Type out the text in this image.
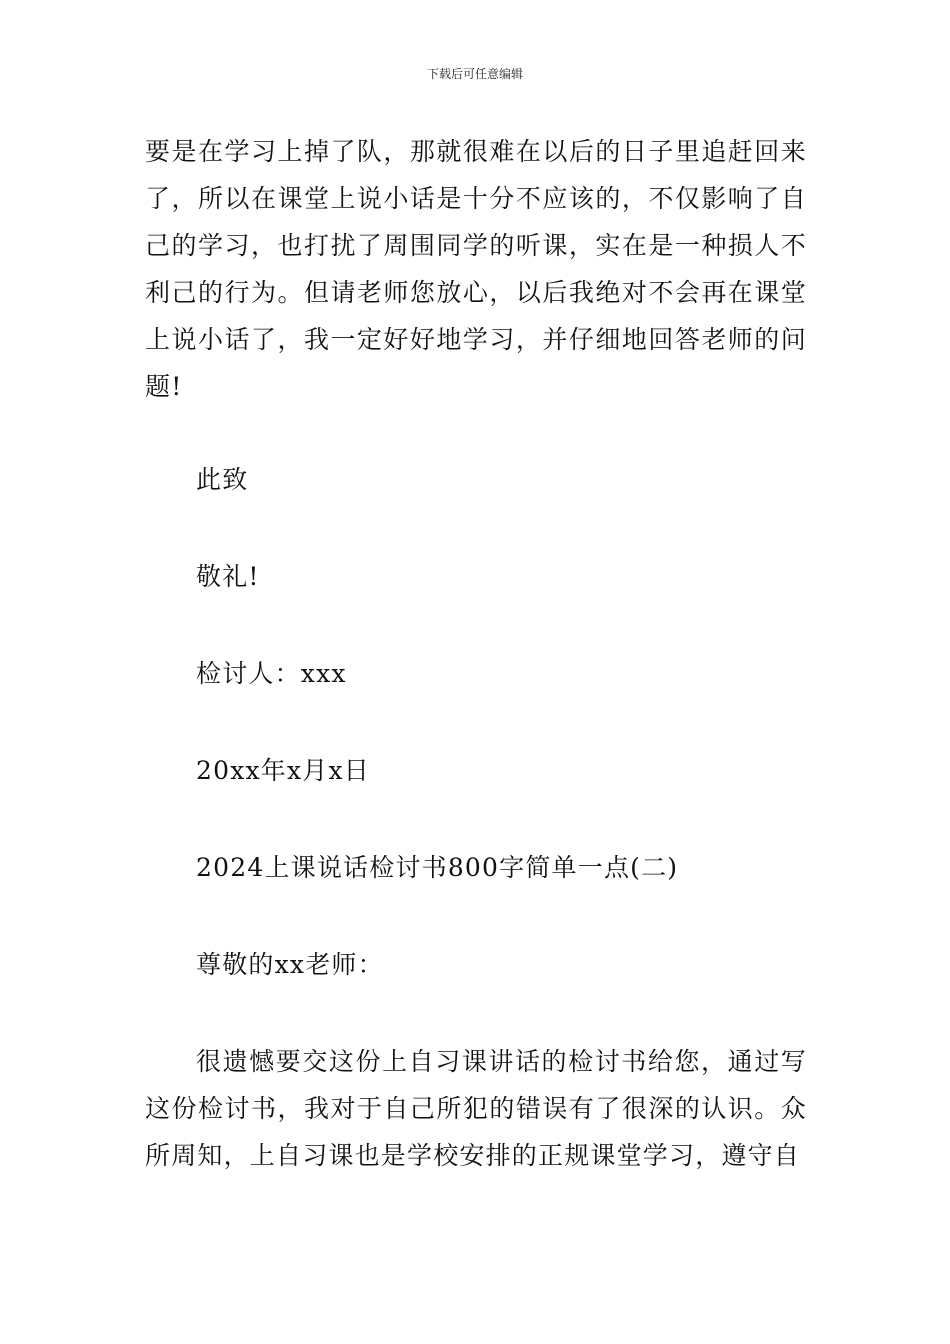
下载后可任意编辑

要是在学习上掉了队，那就很难在以后的日子里追赶回来了，所以在课堂上说小话是十分不应该的，不仅影响了自己的学习，也打扰了周围同学的听课，实在是一种损人不利己的行为。但请老师您放心，以后我绝对不会再在课堂上说小话了，我一定好好地学习，并仔细地回答老师的问题!

此致

敬礼!

检讨人：xxx

20xx年x月x日

2024上课说话检讨书800字简单一点(二)

尊敬的xx老师：

很遗憾要交这份上自习课讲话的检讨书给您，通过写这份检讨书，我对于自己所犯的错误有了很深的认识。众所周知，上自习课也是学校安排的正规课堂学习，遵守自
